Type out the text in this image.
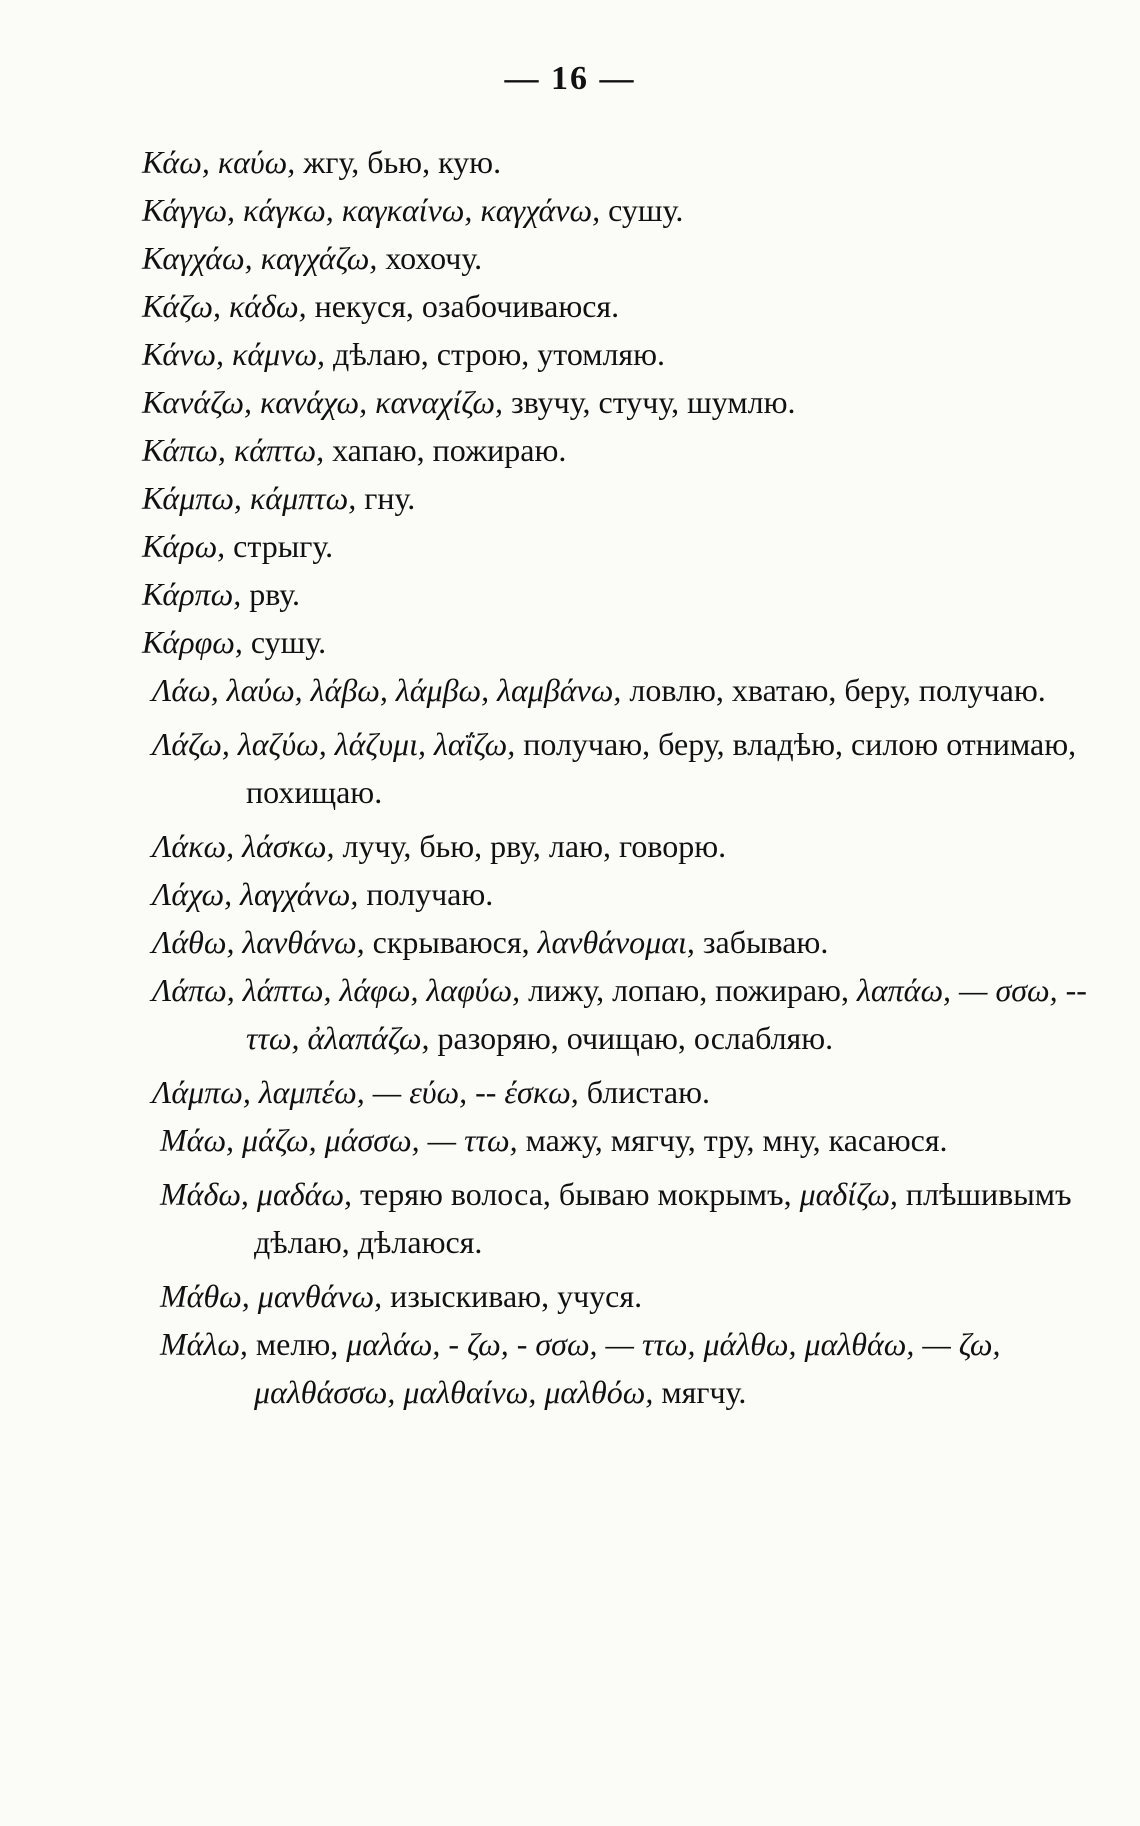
— 16 —
Κάω, καύω, жгу, бью, кую.
Κάγγω, κάγκω, καγκαίνω, καγχάνω, сушу.
Καγχάω, καγχάζω, хохочу.
Κάζω, κάδω, некуся, озабочиваюся.
Κάνω, κάμνω, дѣлаю, строю, утомляю.
Κανάζω, κανάχω, καναχίζω, звучу, стучу, шумлю.
Κάπω, κάπτω, хапаю, пожираю.
Κάμπω, κάμπτω, гну.
Κάρω, стрыгу.
Κάρπω, рву.
Κάρφω, сушу.
Λάω, λαύω, λάβω, λάμβω, λαμβάνω, ловлю, хватаю, беру, получаю.
Λάζω, λαζύω, λάζυμι, λαΐζω, получаю, беру, владѣю, силою отнимаю, похищаю.
Λάκω, λάσκω, лучу, бью, рву, лаю, говорю.
Λάχω, λαγχάνω, получаю.
Λάθω, λανθάνω, скрываюся, λανθάνομαι, забываю.
Λάπω, λάπτω, λάφω, λαφύω, лижу, лопаю, пожираю, λαπάω, — σσω, -- ττω, ἀλαπάζω, разоряю, очищаю, ослабляю.
Λάμπω, λαμπέω, — εύω, -- έσκω, блистаю.
Μάω, μάζω, μάσσω, — ττω, мажу, мягчу, тру, мну, касаюся.
Μάδω, μαδάω, теряю волоса, бываю мокрымъ, μαδίζω, плѣшивымъ дѣлаю, дѣлаюся.
Μάθω, μανθάνω, изыскиваю, учуся.
Μάλω, мелю, μαλάω, - ζω, - σσω, — ττω, μάλθω, μαλθάω, — ζω, μαλθάσσω, μαλθαίνω, μαλθόω, мягчу.
